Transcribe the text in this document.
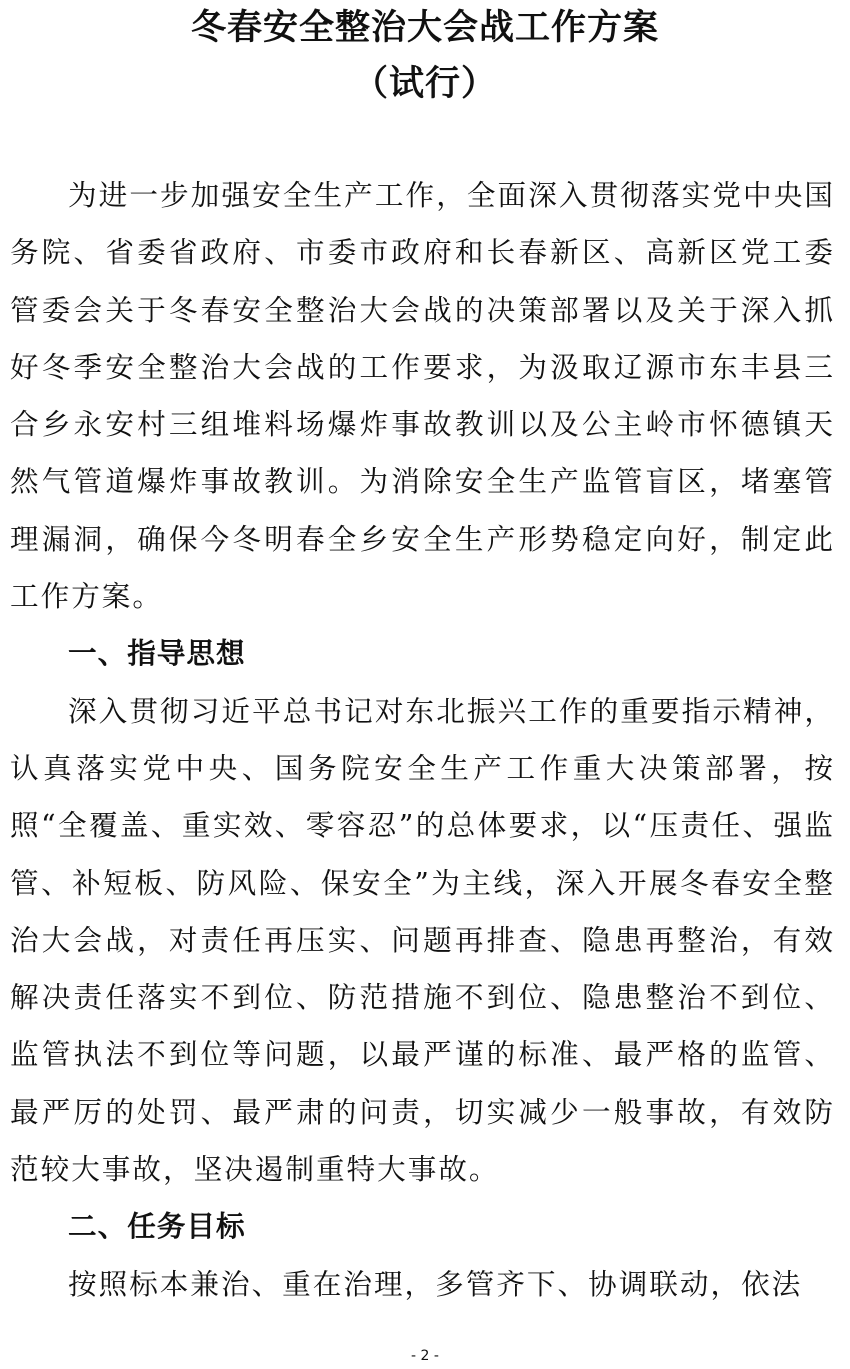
冬春安全整治大会战工作方案
（试行）

为进一步加强安全生产工作，全面深入贯彻落实党中央国务院、省委省政府、市委市政府和长春新区、高新区党工委管委会关于冬春安全整治大会战的决策部署以及关于深入抓好冬季安全整治大会战的工作要求，为汲取辽源市东丰县三合乡永安村三组堆料场爆炸事故教训以及公主岭市怀德镇天然气管道爆炸事故教训。为消除安全生产监管盲区，堵塞管理漏洞，确保今冬明春全乡安全生产形势稳定向好，制定此工作方案。

一、指导思想

深入贯彻习近平总书记对东北振兴工作的重要指示精神，认真落实党中央、国务院安全生产工作重大决策部署，按照“全覆盖、重实效、零容忍”的总体要求，以“压责任、强监管、补短板、防风险、保安全”为主线，深入开展冬春安全整治大会战，对责任再压实、问题再排查、隐患再整治，有效解决责任落实不到位、防范措施不到位、隐患整治不到位、监管执法不到位等问题，以最严谨的标准、最严格的监管、最严厉的处罚、最严肃的问责，切实减少一般事故，有效防范较大事故，坚决遏制重特大事故。

二、任务目标

按照标本兼治、重在治理，多管齐下、协调联动，依法

- 2 -
